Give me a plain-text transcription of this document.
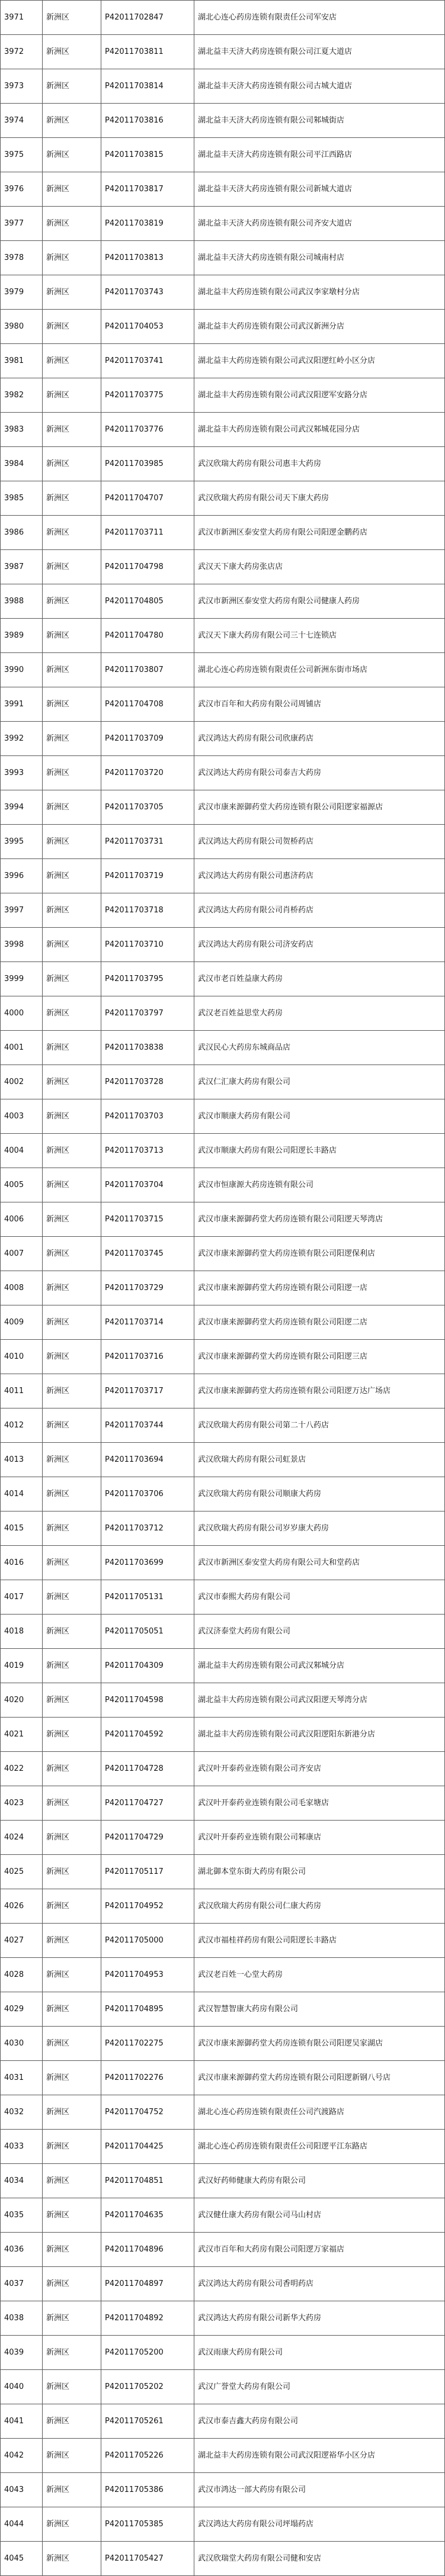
3971	新洲区	P42011702847	湖北心连心药房连锁有限责任公司军安店
3972	新洲区	P42011703811	湖北益丰天济大药房连锁有限公司江夏大道店
3973	新洲区	P42011703814	湖北益丰天济大药房连锁有限公司古城大道店
3974	新洲区	P42011703816	湖北益丰天济大药房连锁有限公司邾城街店
3975	新洲区	P42011703815	湖北益丰天济大药房连锁有限公司平江西路店
3976	新洲区	P42011703817	湖北益丰天济大药房连锁有限公司新城大道店
3977	新洲区	P42011703819	湖北益丰天济大药房连锁有限公司齐安大道店
3978	新洲区	P42011703813	湖北益丰天济大药房连锁有限公司城南村店
3979	新洲区	P42011703743	湖北益丰大药房连锁有限公司武汉李家墩村分店
3980	新洲区	P42011704053	湖北益丰大药房连锁有限公司武汉新洲分店
3981	新洲区	P42011703741	湖北益丰大药房连锁有限公司武汉阳逻红岭小区分店
3982	新洲区	P42011703775	湖北益丰大药房连锁有限公司武汉阳逻军安路分店
3983	新洲区	P42011703776	湖北益丰大药房连锁有限公司武汉邾城花园分店
3984	新洲区	P42011703985	武汉欣瑞大药房有限公司惠丰大药房
3985	新洲区	P42011704707	武汉欣瑞大药房有限公司天下康大药房
3986	新洲区	P42011703711	武汉市新洲区泰安堂大药房有限公司阳逻金鹏药店
3987	新洲区	P42011704798	武汉天下康大药房张店店
3988	新洲区	P42011704805	武汉市新洲区泰安堂大药房有限公司健康人药房
3989	新洲区	P42011704780	武汉天下康大药房有限公司三十七连锁店
3990	新洲区	P42011703807	湖北心连心药房连锁有限责任公司新洲东街市场店
3991	新洲区	P42011704708	武汉市百年和大药房有限公司周铺店
3992	新洲区	P42011703709	武汉鸿达大药房有限公司欣康药店
3993	新洲区	P42011703720	武汉鸿达大药房有限公司泰吉大药房
3994	新洲区	P42011703705	武汉市康来源御药堂大药房连锁有限公司阳逻家福源店
3995	新洲区	P42011703731	武汉鸿达大药房有限公司贺桥药店
3996	新洲区	P42011703719	武汉鸿达大药房有限公司惠济药店
3997	新洲区	P42011703718	武汉鸿达大药房有限公司肖桥药店
3998	新洲区	P42011703710	武汉鸿达大药房有限公司济安药店
3999	新洲区	P42011703795	武汉市老百姓益康大药房
4000	新洲区	P42011703797	武汉老百姓益思堂大药房
4001	新洲区	P42011703838	武汉民心大药房东城商品店
4002	新洲区	P42011703728	武汉仁汇康大药房有限公司
4003	新洲区	P42011703703	武汉市顺康大药房有限公司
4004	新洲区	P42011703713	武汉市顺康大药房有限公司阳逻长丰路店
4005	新洲区	P42011703704	武汉市恒康源大药房连锁有限公司
4006	新洲区	P42011703715	武汉市康来源御药堂大药房连锁有限公司阳逻天琴湾店
4007	新洲区	P42011703745	武汉市康来源御药堂大药房连锁有限公司阳逻保利店
4008	新洲区	P42011703729	武汉市康来源御药堂大药房连锁有限公司阳逻一店
4009	新洲区	P42011703714	武汉市康来源御药堂大药房连锁有限公司阳逻二店
4010	新洲区	P42011703716	武汉市康来源御药堂大药房连锁有限公司阳逻三店
4011	新洲区	P42011703717	武汉市康来源御药堂大药房连锁有限公司阳逻万达广场店
4012	新洲区	P42011703744	武汉欣瑞大药房有限公司第二十八药店
4013	新洲区	P42011703694	武汉欣瑞大药房有限公司虹景店
4014	新洲区	P42011703706	武汉欣瑞大药房有限公司顺康大药房
4015	新洲区	P42011703712	武汉欣瑞大药房有限公司岁岁康大药房
4016	新洲区	P42011703699	武汉市新洲区泰安堂大药房有限公司大和堂药店
4017	新洲区	P42011705131	武汉市泰熙大药房有限公司
4018	新洲区	P42011705051	武汉济泰堂大药房有限公司
4019	新洲区	P42011704309	湖北益丰大药房连锁有限公司武汉邾城分店
4020	新洲区	P42011704598	湖北益丰大药房连锁有限公司武汉阳逻天琴湾分店
4021	新洲区	P42011704592	湖北益丰大药房连锁有限公司武汉阳逻阳东新港分店
4022	新洲区	P42011704728	武汉叶开泰药业连锁有限公司齐安店
4023	新洲区	P42011704727	武汉叶开泰药业连锁有限公司毛家塘店
4024	新洲区	P42011704729	武汉叶开泰药业连锁有限公司邾康店
4025	新洲区	P42011705117	湖北御本堂东街大药房有限公司
4026	新洲区	P42011704952	武汉欣瑞大药房有限公司仁康大药房
4027	新洲区	P42011705000	武汉市福桂祥药房有限公司阳逻长丰路店
4028	新洲区	P42011704953	武汉老百姓一心堂大药房
4029	新洲区	P42011704895	武汉智慧智康大药房有限公司
4030	新洲区	P42011702275	武汉市康来源御药堂大药房连锁有限公司阳逻吴家湖店
4031	新洲区	P42011702276	武汉市康来源御药堂大药房连锁有限公司阳逻新钢八号店
4032	新洲区	P42011704752	湖北心连心药房连锁有限责任公司汽渡路店
4033	新洲区	P42011704425	湖北心连心药房连锁有限责任公司阳逻平江东路店
4034	新洲区	P42011704851	武汉好药师健康大药房有限公司
4035	新洲区	P42011704635	武汉健仕康大药房有限公司马山村店
4036	新洲区	P42011704896	武汉市百年和大药房有限公司阳逻万家福店
4037	新洲区	P42011704897	武汉鸿达大药房有限公司香明药店
4038	新洲区	P42011704892	武汉鸿达大药房有限公司新华大药房
4039	新洲区	P42011705200	武汉雨康大药房有限公司
4040	新洲区	P42011705202	武汉广誉堂大药房有限公司
4041	新洲区	P42011705261	武汉市泰吉鑫大药房有限公司
4042	新洲区	P42011705226	湖北益丰大药房连锁有限公司武汉阳逻裕华小区分店
4043	新洲区	P42011705386	武汉市鸿达一部大药房有限公司
4044	新洲区	P42011705385	武汉鸿达大药房有限公司坪塌药店
4045	新洲区	P42011705427	武汉欣瑞堂大药房有限公司健和安店
